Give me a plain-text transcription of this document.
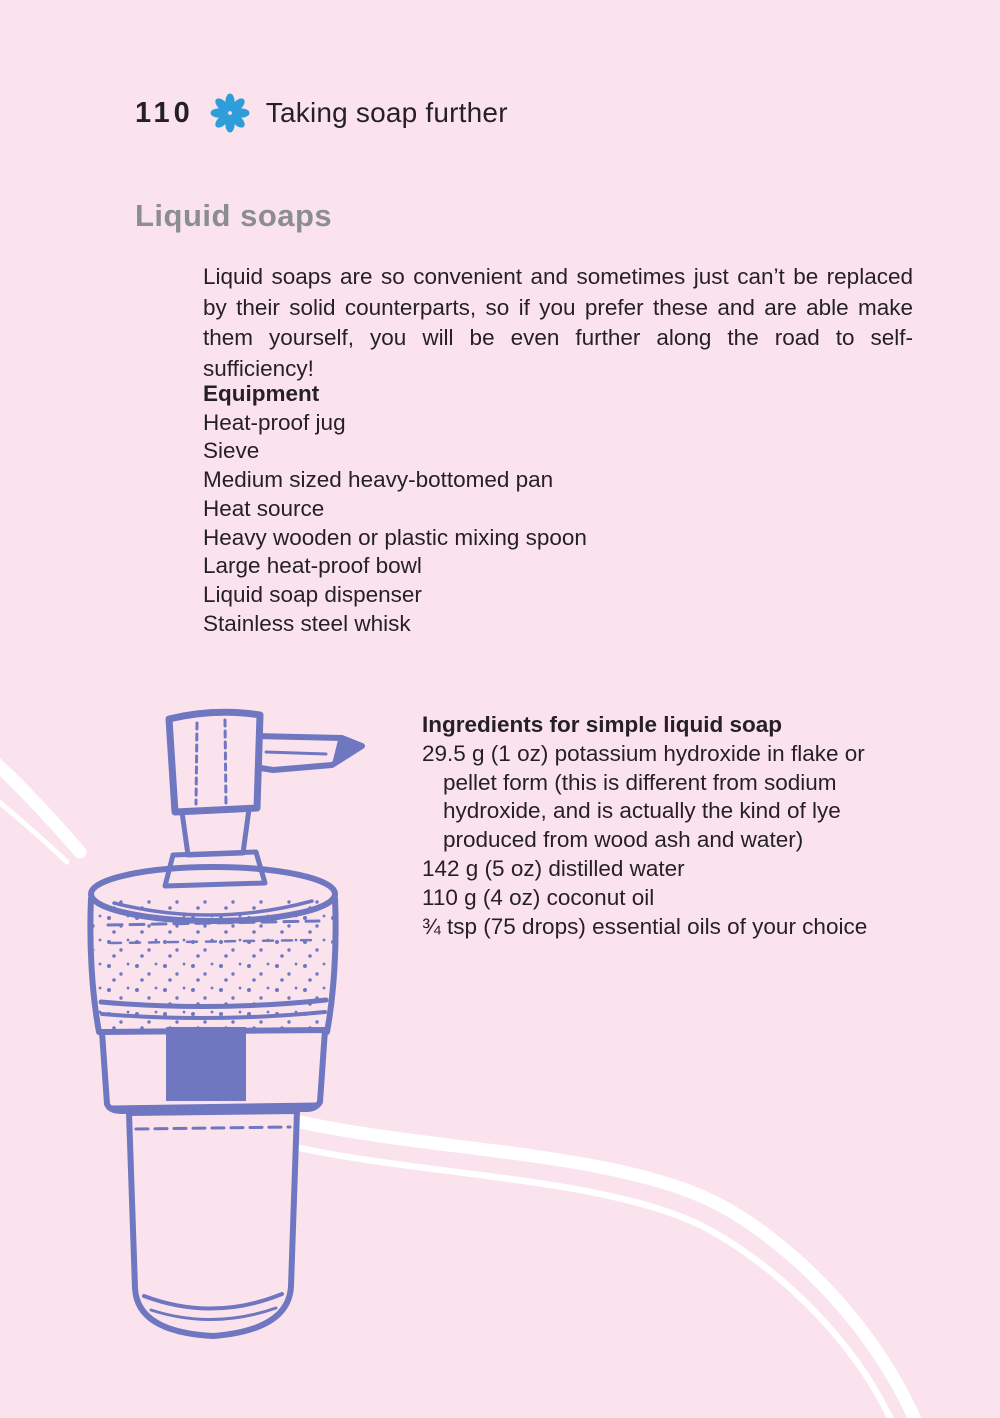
110	Taking soap further
Liquid soaps

Liquid soaps are so convenient and sometimes just can’t be replaced by their solid counterparts, so if you prefer these and are able make them yourself, you will be even further along the road to self-sufficiency!

Equipment
Heat-proof jug
Sieve
Medium sized heavy-bottomed pan
Heat source
Heavy wooden or plastic mixing spoon
Large heat-proof bowl
Liquid soap dispenser
Stainless steel whisk
Ingredients for simple liquid soap
29.5 g (1 oz) potassium hydroxide in flake or pellet form (this is different from sodium hydroxide, and is actually the kind of lye produced from wood ash and water)
142 g (5 oz) distilled water
110 g (4 oz) coconut oil
¾ tsp (75 drops) essential oils of your choice
